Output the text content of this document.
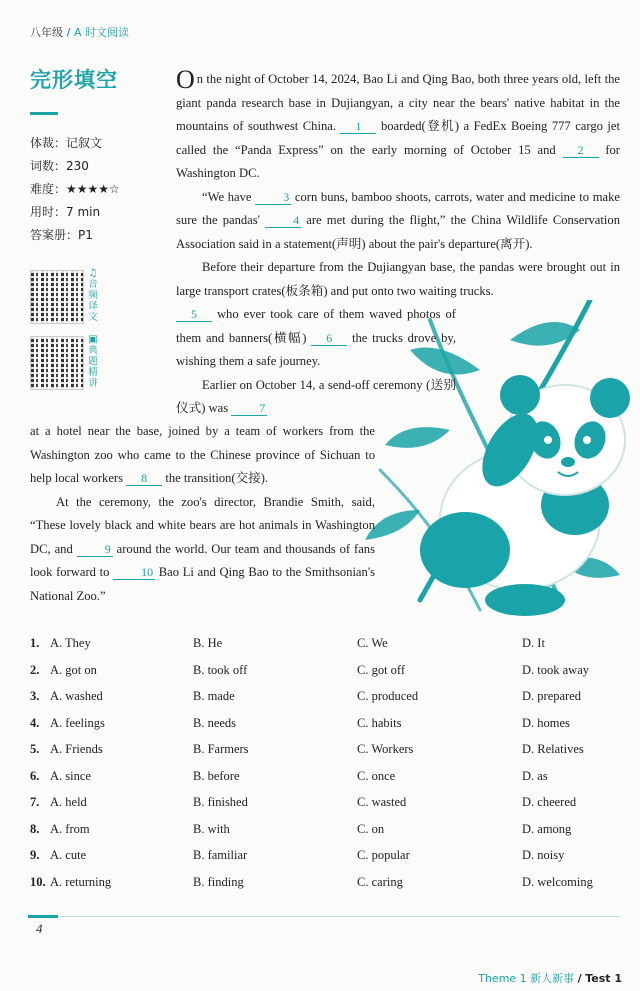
八年级 / A 时文阅读
完形填空
体裁：记叙文
词数：230
难度：★★★★☆
用时：7 min
答案册：P1
♫
音频译文
▣
典题精讲

On the night of October 14, 2024, Bao Li and Qing Bao, both three years old, left the giant panda research base in Dujiangyan, a city near the bears' native habitat in the mountains of southwest China. 1 boarded(登机) a FedEx Boeing 777 cargo jet called the “Panda Express” on the early morning of October 15 and 2 for Washington DC.

“We have 3 corn buns, bamboo shoots, carrots, water and medicine to make sure the pandas' 4 are met during the flight,” the China Wildlife Conservation Association said in a statement(声明) about the pair's departure(离开).

Before their departure from the Dujiangyan base, the pandas were brought out in large transport crates(板条箱) and put onto two waiting trucks.

5 who ever took care of them waved photos of them and banners(横幅) 6 the trucks drove by, wishing them a safe journey.

Earlier on October 14, a send-off ceremony (送别仪式) was 7

at a hotel near the base, joined by a team of workers from the Washington zoo who came to the Chinese province of Sichuan to help local workers 8 the transition(交接).

At the ceremony, the zoo's director, Brandie Smith, said, “These lovely black and white bears are hot animals in Washington DC, and 9 around the world. Our team and thousands of fans look forward to 10 Bao Li and Qing Bao to the Smithsonian's National Zoo.”

1. A. They	B. He	C. We	D. It
2. A. got on	B. took off	C. got off	D. took away
3. A. washed	B. made	C. produced	D. prepared
4. A. feelings	B. needs	C. habits	D. homes
5. A. Friends	B. Farmers	C. Workers	D. Relatives
6. A. since	B. before	C. once	D. as
7. A. held	B. finished	C. wasted	D. cheered
8. A. from	B. with	C. on	D. among
9. A. cute	B. familiar	C. popular	D. noisy
10. A. returning	B. finding	C. caring	D. welcoming
4
Theme 1 新人新事 / Test 1
